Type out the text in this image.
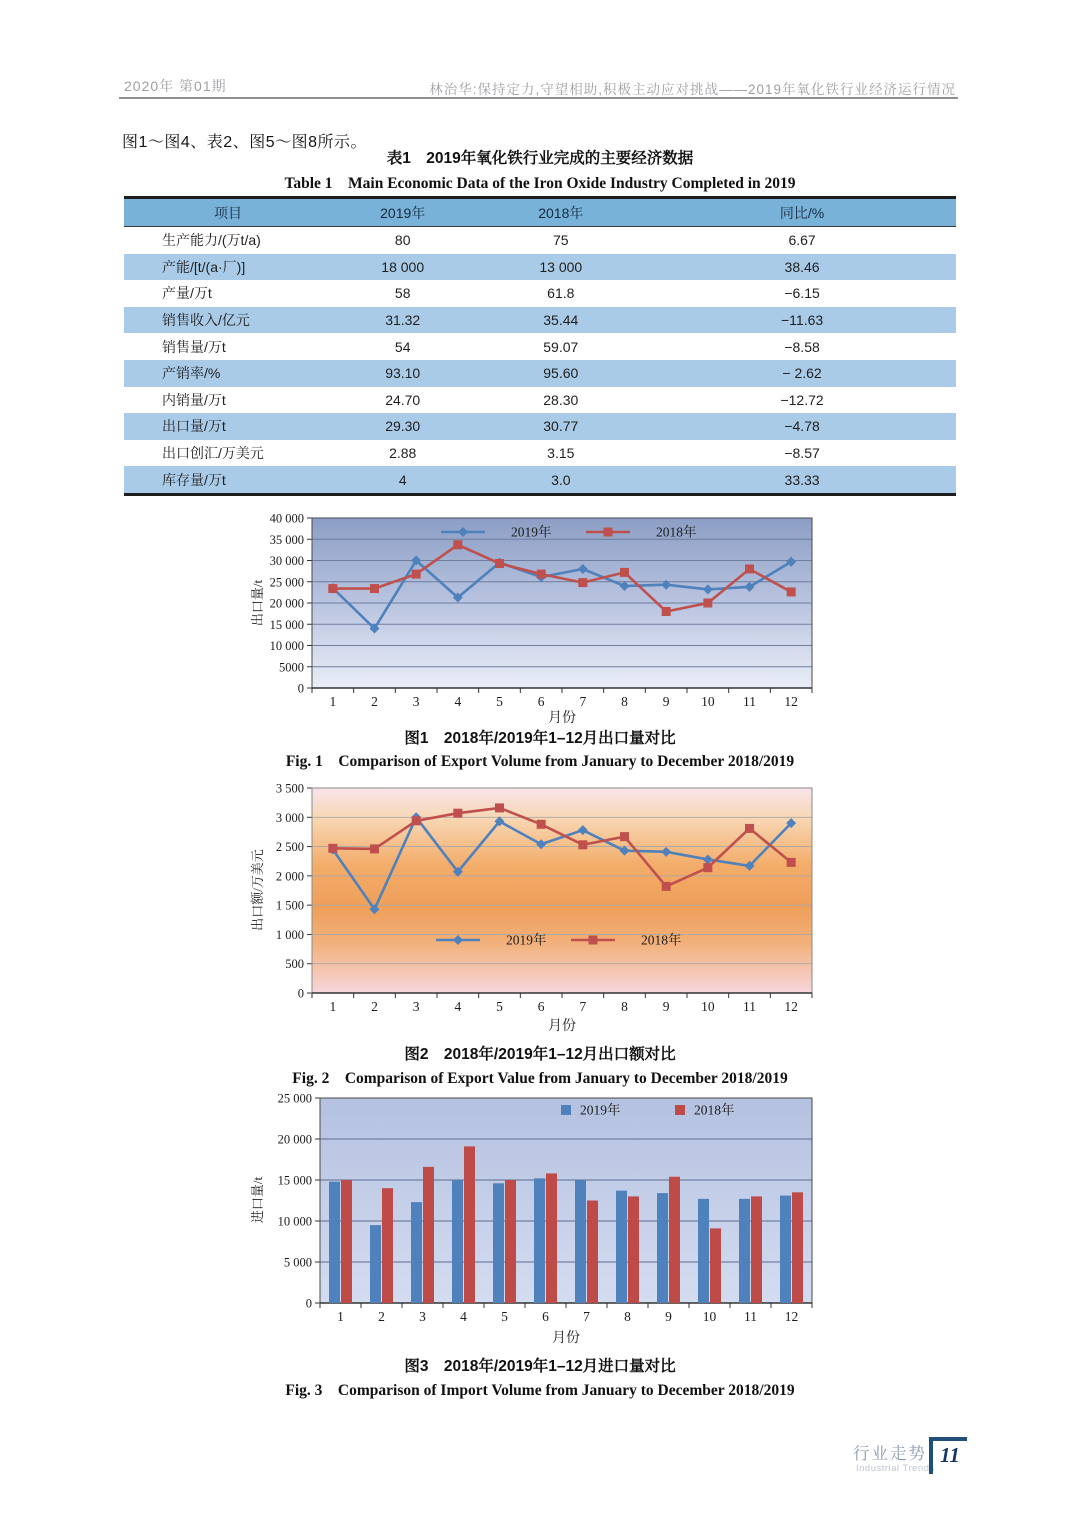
2020年 第01期	林治华:保持定力,守望相助,积极主动应对挑战——2019年氧化铁行业经济运行情况
图1～图4、表2、图5～图8所示。
表1　2019年氧化铁行业完成的主要经济数据
Table 1　Main Economic Data of the Iron Oxide Industry Completed in 2019
项目	2019年	2018年	同比/%
生产能力/(万t/a)	80	75	6.67
产能/[t/(a·厂)]	18 000	13 000	38.46
产量/万t	58	61.8	−6.15
销售收入/亿元	31.32	35.44	−11.63
销售量/万t	54	59.07	−8.58
产销率/%	93.10	95.60	− 2.62
内销量/万t	24.70	28.30	−12.72
出口量/万t	29.30	30.77	−4.78
出口创汇/万美元	2.88	3.15	−8.57
库存量/万t	4	3.0	33.33
0
5000
10 000
15 000
20 000
25 000
30 000
35 000
40 000
1	2	3	4	5	6	7	8	9 10 11 12
月份
出口量/t
2019年	2018年
图1　2018年/2019年1–12月出口量对比
Fig. 1　Comparison of Export Volume from January to December 2018/2019
0
500
1 000
1 500
2 000
2 500
3 000
3 500
1	2	3	4	5	6	7	8	9 10 11 12
月份
出口额/万美元
2019年	2018年
图2　2018年/2019年1–12月出口额对比
Fig. 2　Comparison of Export Value from January to December 2018/2019
0
5 000
10 000
15 000
20 000
25 000
1	2	3	4	5	6	7	8	9 10 11 12
月份
进口量/t
2019年	2018年
图3　2018年/2019年1–12月进口量对比
Fig. 3　Comparison of Import Volume from January to December 2018/2019
行业走势
Industrial Trends
11
